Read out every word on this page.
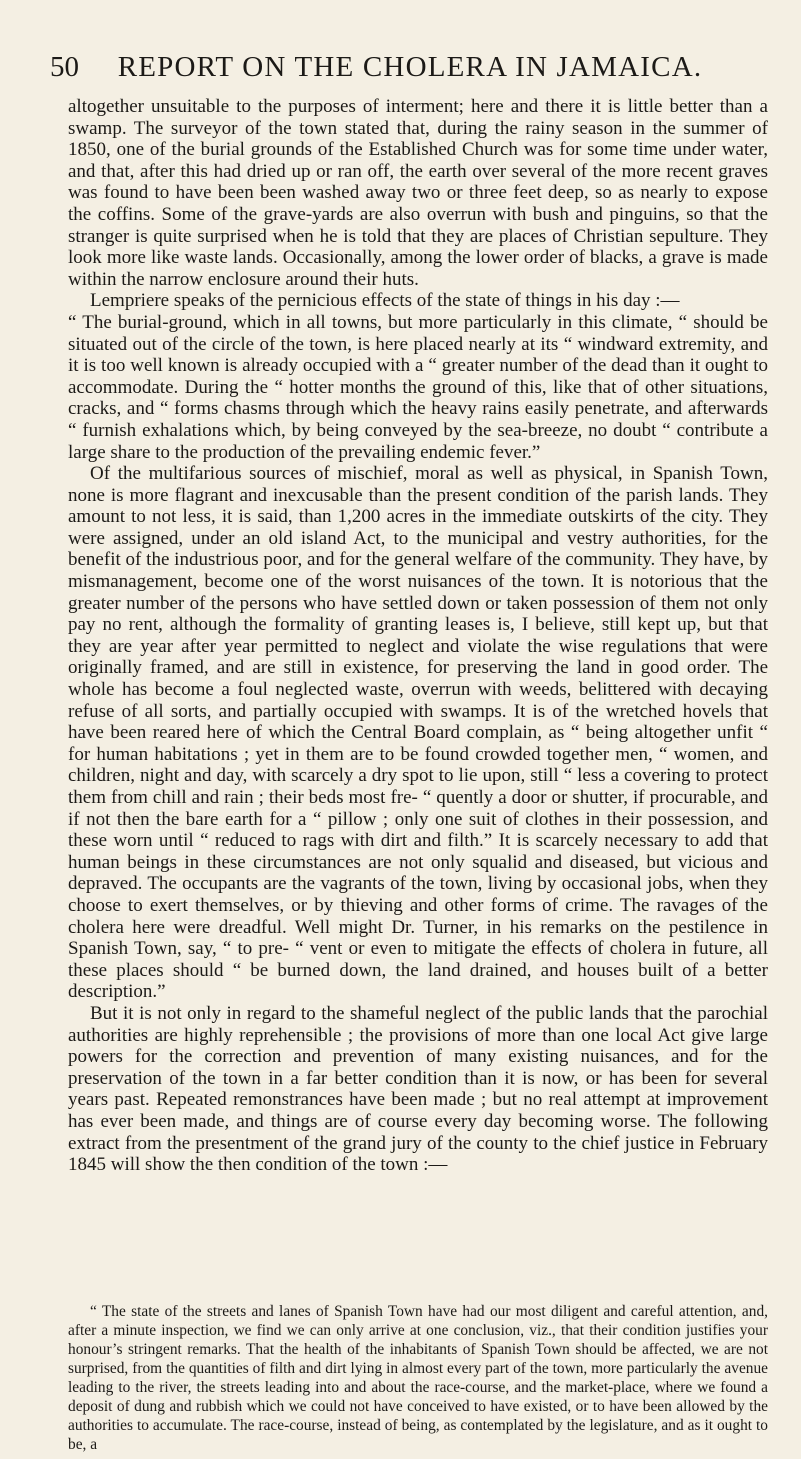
50	REPORT ON THE CHOLERA IN JAMAICA.

altogether unsuitable to the purposes of interment; here and there it is little better than a swamp. The surveyor of the town stated that, during the rainy season in the summer of 1850, one of the burial grounds of the Established Church was for some time under water, and that, after this had dried up or ran off, the earth over several of the more recent graves was found to have been been washed away two or three feet deep, so as nearly to expose the coffins. Some of the grave-yards are also overrun with bush and pinguins, so that the stranger is quite surprised when he is told that they are places of Christian sepulture. They look more like waste lands. Occasionally, among the lower order of blacks, a grave is made within the narrow enclosure around their huts.

Lempriere speaks of the pernicious effects of the state of things in his day :—

“ The burial-ground, which in all towns, but more particularly in this climate, “ should be situated out of the circle of the town, is here placed nearly at its “ windward extremity, and it is too well known is already occupied with a “ greater number of the dead than it ought to accommodate. During the “ hotter months the ground of this, like that of other situations, cracks, and “ forms chasms through which the heavy rains easily penetrate, and afterwards “ furnish exhalations which, by being conveyed by the sea-breeze, no doubt “ contribute a large share to the production of the prevailing endemic fever.”

Of the multifarious sources of mischief, moral as well as physical, in Spanish Town, none is more flagrant and inexcusable than the present condition of the parish lands. They amount to not less, it is said, than 1,200 acres in the immediate outskirts of the city. They were assigned, under an old island Act, to the municipal and vestry authorities, for the benefit of the industrious poor, and for the general welfare of the community. They have, by mismanagement, become one of the worst nuisances of the town. It is notorious that the greater number of the persons who have settled down or taken possession of them not only pay no rent, although the formality of granting leases is, I believe, still kept up, but that they are year after year permitted to neglect and violate the wise regulations that were originally framed, and are still in existence, for preserving the land in good order. The whole has become a foul neglected waste, overrun with weeds, belittered with decaying refuse of all sorts, and partially occupied with swamps. It is of the wretched hovels that have been reared here of which the Central Board complain, as “ being altogether unfit “ for human habitations ; yet in them are to be found crowded together men, “ women, and children, night and day, with scarcely a dry spot to lie upon, still “ less a covering to protect them from chill and rain ; their beds most fre- “ quently a door or shutter, if procurable, and if not then the bare earth for a “ pillow ; only one suit of clothes in their possession, and these worn until “ reduced to rags with dirt and filth.” It is scarcely necessary to add that human beings in these circumstances are not only squalid and diseased, but vicious and depraved. The occupants are the vagrants of the town, living by occasional jobs, when they choose to exert themselves, or by thieving and other forms of crime. The ravages of the cholera here were dreadful. Well might Dr. Turner, in his remarks on the pestilence in Spanish Town, say, “ to pre- “ vent or even to mitigate the effects of cholera in future, all these places should “ be burned down, the land drained, and houses built of a better description.”

But it is not only in regard to the shameful neglect of the public lands that the parochial authorities are highly reprehensible ; the provisions of more than one local Act give large powers for the correction and prevention of many existing nuisances, and for the preservation of the town in a far better condition than it is now, or has been for several years past. Repeated remonstrances have been made ; but no real attempt at improvement has ever been made, and things are of course every day becoming worse. The following extract from the presentment of the grand jury of the county to the chief justice in February 1845 will show the then condition of the town :—

“ The state of the streets and lanes of Spanish Town have had our most diligent and careful attention, and, after a minute inspection, we find we can only arrive at one conclusion, viz., that their condition justifies your honour’s stringent remarks. That the health of the inhabitants of Spanish Town should be affected, we are not surprised, from the quantities of filth and dirt lying in almost every part of the town, more particularly the avenue leading to the river, the streets leading into and about the race-course, and the market-place, where we found a deposit of dung and rubbish which we could not have conceived to have existed, or to have been allowed by the authorities to accumulate. The race-course, instead of being, as contemplated by the legislature, and as it ought to be, a
